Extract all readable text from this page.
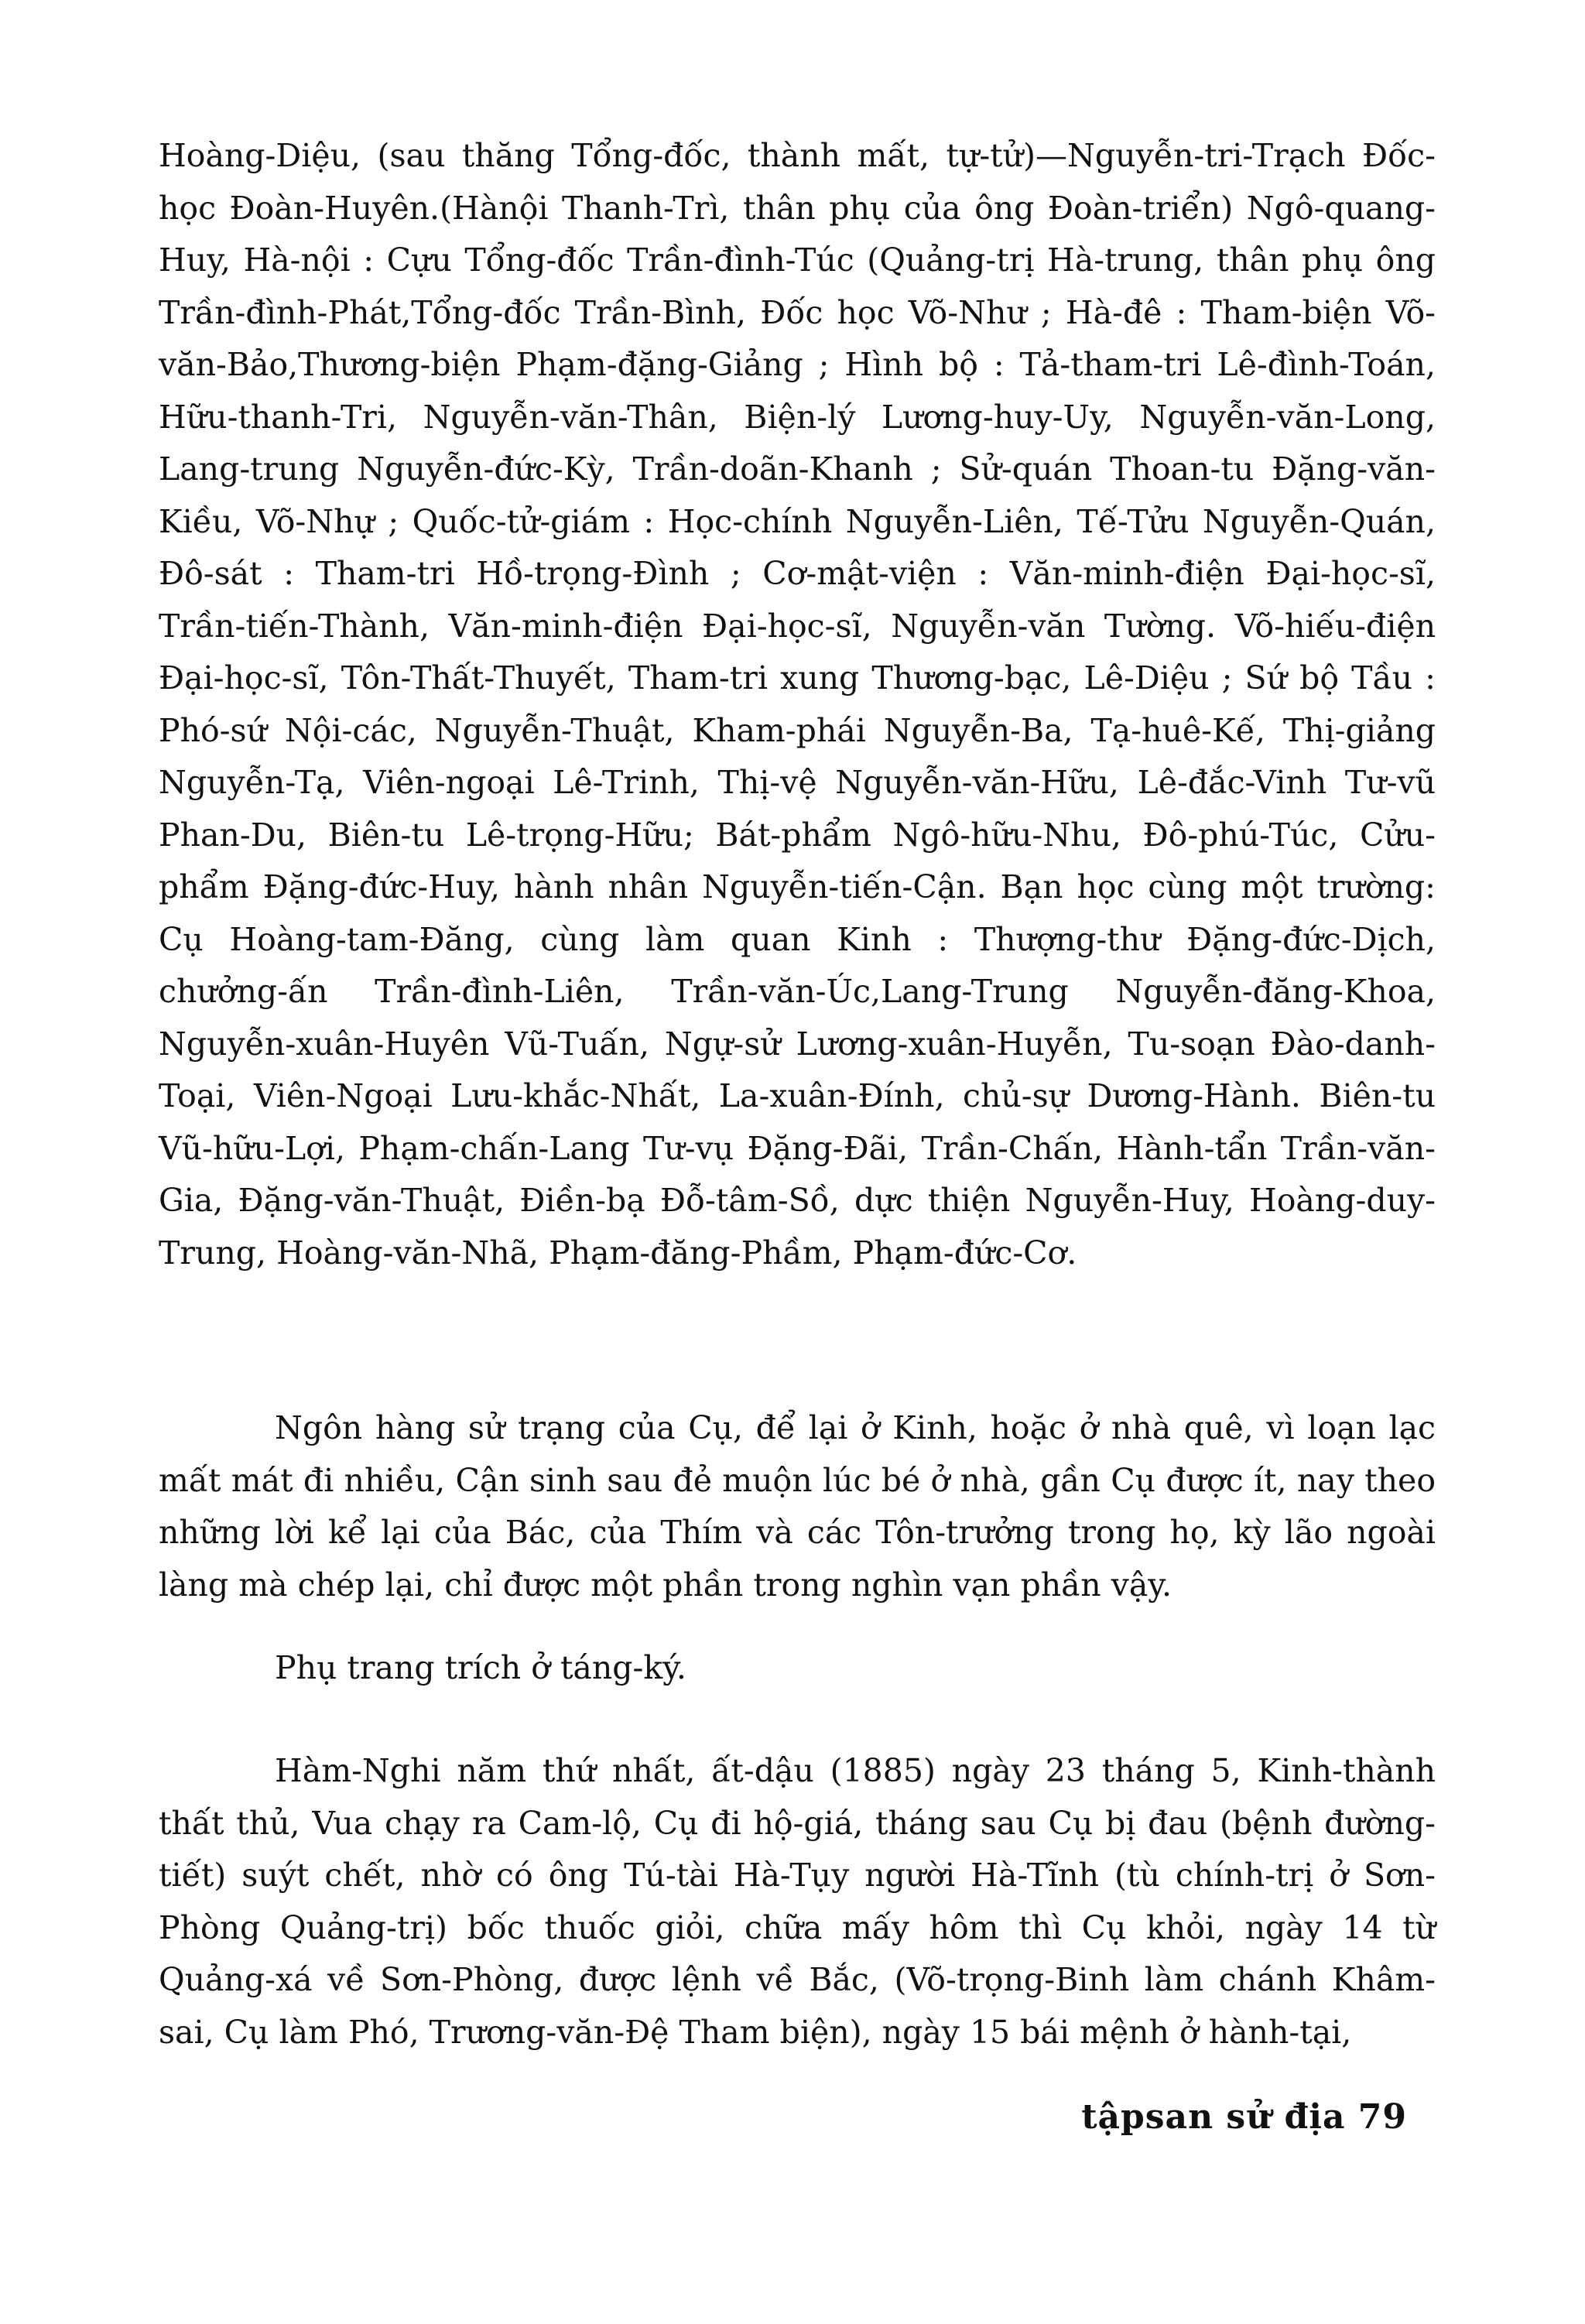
Hoàng-Diệu, (sau thăng Tổng-đốc, thành mất, tự-tử)—Nguyễn-tri-Trạch Đốc-học Đoàn-Huyên.(Hànội Thanh-Trì, thân phụ của ông Đoàn-triển) Ngô-quang-Huy, Hà-nội : Cựu Tổng-đốc Trần-đình-Túc (Quảng-trị Hà-trung, thân phụ ông Trần-đình-Phát,Tổng-đốc Trần-Bình, Đốc học Võ-Như ; Hà-đê : Tham-biện Võ-văn-Bảo,Thương-biện Phạm-đặng-Giảng ; Hình bộ : Tả-tham-tri Lê-đình-Toán, Hữu-thanh-Tri, Nguyễn-văn-Thân, Biện-lý Lương-huy-Uy, Nguyễn-văn-Long, Lang-trung Nguyễn-đức-Kỳ, Trần-doãn-Khanh ; Sử-quán Thoan-tu Đặng-văn-Kiều, Võ-Nhự ; Quốc-tử-giám : Học-chính Nguyễn-Liên, Tế-Tửu Nguyễn-Quán, Đô-sát : Tham-tri Hồ-trọng-Đình ; Cơ-mật-viện : Văn-minh-điện Đại-học-sĩ, Trần-tiến-Thành, Văn-minh-điện Đại-học-sĩ, Nguyễn-văn Tường. Võ-hiếu-điện Đại-học-sĩ, Tôn-Thất-Thuyết, Tham-tri xung Thương-bạc, Lê-Diệu ; Sứ bộ Tầu : Phó-sứ Nội-các, Nguyễn-Thuật, Kham-phái Nguyễn-Ba, Tạ-huê-Kế, Thị-giảng Nguyễn-Tạ, Viên-ngoại Lê-Trinh, Thị-vệ Nguyễn-văn-Hữu, Lê-đắc-Vinh Tư-vũ Phan-Du, Biên-tu Lê-trọng-Hữu; Bát-phẩm Ngô-hữu-Nhu, Đô-phú-Túc, Cửu-phẩm Đặng-đức-Huy, hành nhân Nguyễn-tiến-Cận. Bạn học cùng một trường: Cụ Hoàng-tam-Đăng, cùng làm quan Kinh : Thượng-thư Đặng-đức-Dịch, chưởng-ấn Trần-đình-Liên, Trần-văn-Úc,Lang-Trung Nguyễn-đăng-Khoa, Nguyễn-xuân-Huyên Vũ-Tuấn, Ngự-sử Lương-xuân-Huyễn, Tu-soạn Đào-danh-Toại, Viên-Ngoại Lưu-khắc-Nhất, La-xuân-Đính, chủ-sự Dương-Hành. Biên-tu Vũ-hữu-Lợi, Phạm-chấn-Lang Tư-vụ Đặng-Đãi, Trần-Chấn, Hành-tẩn Trần-văn-Gia, Đặng-văn-Thuật, Điền-bạ Đỗ-tâm-Sồ, dực thiện Nguyễn-Huy, Hoàng-duy-Trung, Hoàng-văn-Nhã, Phạm-đăng-Phầm, Phạm-đức-Cơ.

Ngôn hàng sử trạng của Cụ, để lại ở Kinh, hoặc ở nhà quê, vì loạn lạc mất mát đi nhiều, Cận sinh sau đẻ muộn lúc bé ở nhà, gần Cụ được ít, nay theo những lời kể lại của Bác, của Thím và các Tôn-trưởng trong họ, kỳ lão ngoài làng mà chép lại, chỉ được một phần trong nghìn vạn phần vậy.

Phụ trang trích ở táng-ký.

Hàm-Nghi năm thứ nhất, ất-dậu (1885) ngày 23 tháng 5, Kinh-thành thất thủ, Vua chạy ra Cam-lộ, Cụ đi hộ-giá, tháng sau Cụ bị đau (bệnh đường-tiết) suýt chết, nhờ có ông Tú-tài Hà-Tụy người Hà-Tĩnh (tù chính-trị ở Sơn-Phòng Quảng-trị) bốc thuốc giỏi, chữa mấy hôm thì Cụ khỏi, ngày 14 từ Quảng-xá về Sơn-Phòng, được lệnh về Bắc, (Võ-trọng-Binh làm chánh Khâm-sai, Cụ làm Phó, Trương-văn-Đệ Tham biện), ngày 15 bái mệnh ở hành-tại,

tậpsan sử địa 79
